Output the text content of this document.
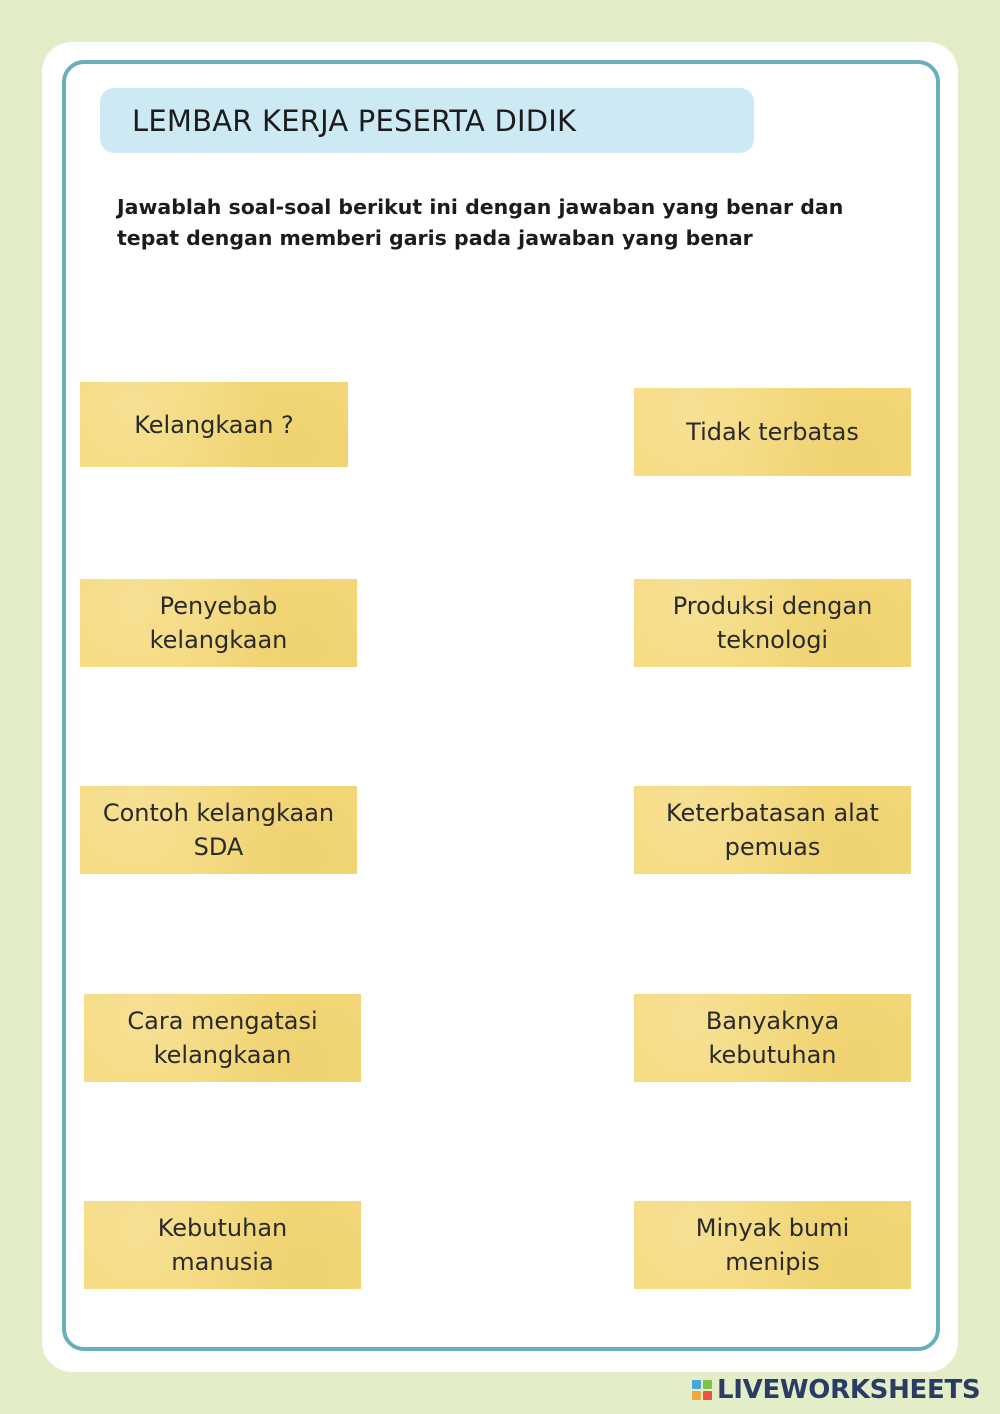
LEMBAR KERJA PESERTA DIDIK
Jawablah soal-soal berikut ini dengan jawaban yang benar dan
tepat dengan memberi garis pada jawaban yang benar
Kelangkaan ?
Penyebab
kelangkaan
Contoh kelangkaan
SDA
Cara mengatasi
kelangkaan
Kebutuhan
manusia
Tidak terbatas
Produksi dengan
teknologi
Keterbatasan alat
pemuas
Banyaknya
kebutuhan
Minyak bumi
menipis
LIVEWORKSHEETS
